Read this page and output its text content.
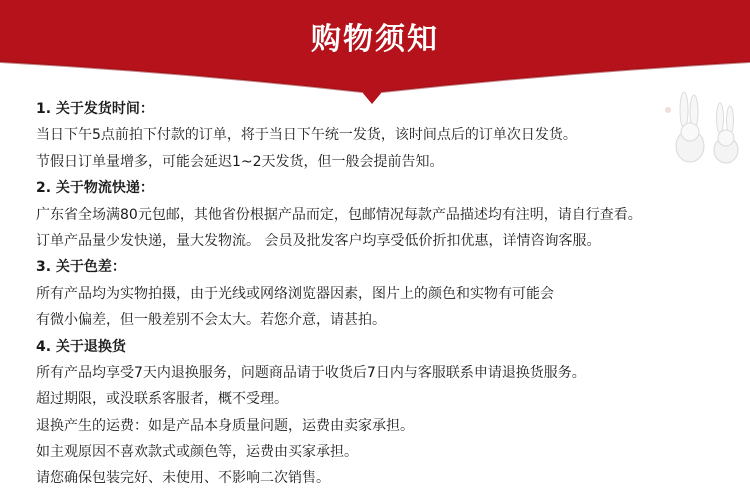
购物须知
1. 关于发货时间：
当日下午5点前拍下付款的订单，将于当日下午统一发货，该时间点后的订单次日发货。
节假日订单量增多，可能会延迟1~2天发货，但一般会提前告知。
2. 关于物流快递：
广东省全场满80元包邮，其他省份根据产品而定，包邮情况每款产品描述均有注明，请自行查看。
订单产品量少发快递，量大发物流。 会员及批发客户均享受低价折扣优惠，详情咨询客服。
3. 关于色差：
所有产品均为实物拍摄，由于光线或网络浏览器因素，图片上的颜色和实物有可能会
有微小偏差，但一般差别不会太大。若您介意，请甚拍。
4. 关于退换货
所有产品均享受7天内退换服务，问题商品请于收货后7日内与客服联系申请退换货服务。
超过期限，或没联系客服者，概不受理。
退换产生的运费：如是产品本身质量问题，运费由卖家承担。
如主观原因不喜欢款式或颜色等，运费由买家承担。
请您确保包装完好、未使用、不影响二次销售。
